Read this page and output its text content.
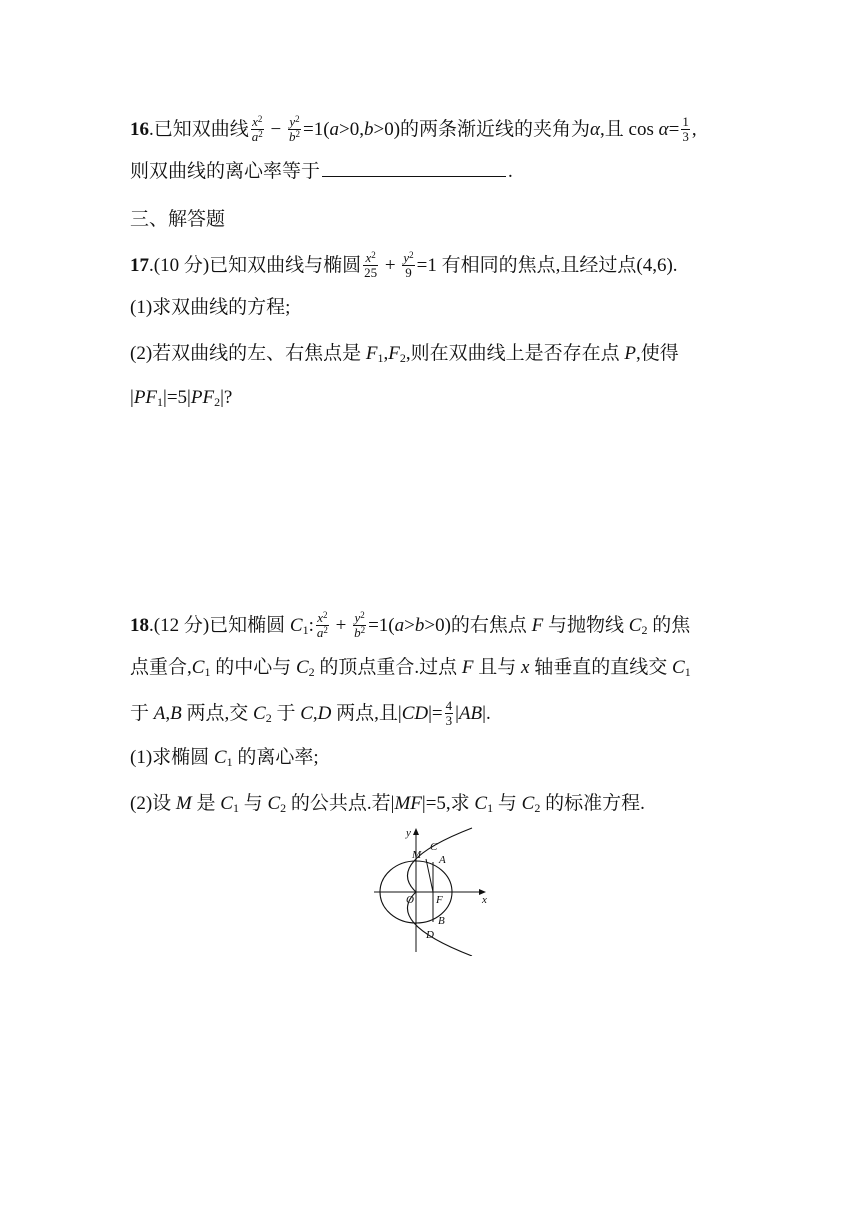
16.已知双曲线 $\frac{x^2}{a^2} - \frac{y^2}{b^2} =1(a>0,b>0)$的两条渐近线的夹角为α,且 $\cos \alpha= \frac{1}{3}$ ,
则双曲线的离心率等于	.
三、解答题
17.(10 分)已知双曲线与椭圆 $\frac{x^2}{25} + \frac{y^2}{9} =1$ 有相同的焦点,且经过点(4,6).
(1)求双曲线的方程;
(2)若双曲线的左、右焦点是 $F_1,F_2$,则在双曲线上是否存在点 P,使得
$|PF_1|=5|PF_2|$?
18.(12 分)已知椭圆 $C_1$: $\frac{x^2}{a^2} + \frac{y^2}{b^2} =1(a>b>0)$的右焦点 F 与抛物线 $C_2$ 的焦
点重合$,C_1$ 的中心与 $C_2$ 的顶点重合.过点 F 且与 x 轴垂直的直线交 $C_1$
于 A,B 两点,交 $C_2$ 于 C,D 两点,且$|CD|= \frac{4}{3} |AB|$.
(1)求椭圆 $C_1$ 的离心率;
(2)设 M 是 $C_1$ 与 $C_2$ 的公共点.若|MF|=5,求 $C_1$ 与 $C_2$ 的标准方程.
y
x
O F
M
C
A
B
D
